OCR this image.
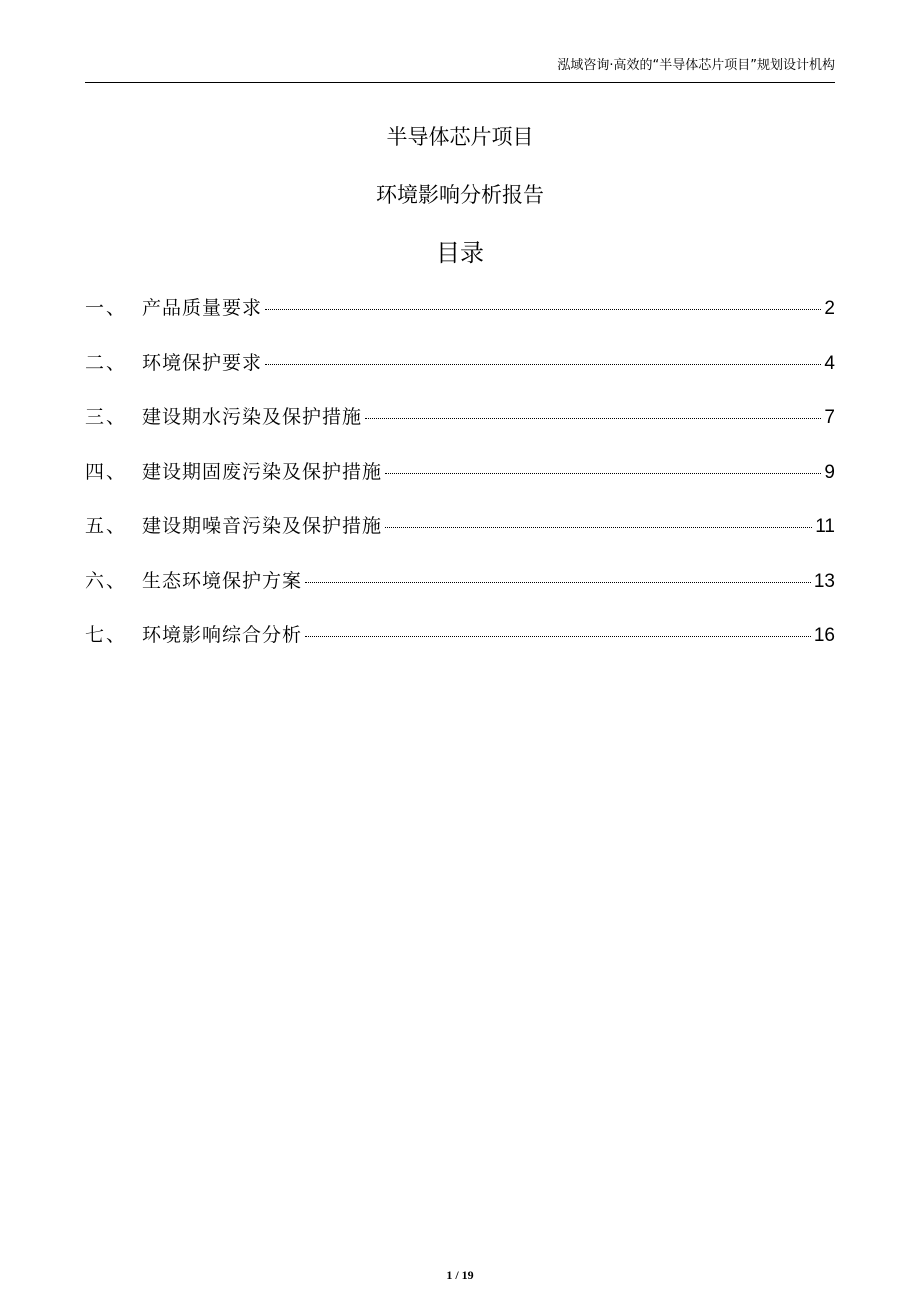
泓域咨询·高效的“半导体芯片项目”规划设计机构
半导体芯片项目
环境影响分析报告
目录
一、 产品质量要求	2
二、 环境保护要求	4
三、 建设期水污染及保护措施	7
四、 建设期固废污染及保护措施	9
五、 建设期噪音污染及保护措施	11
六、 生态环境保护方案	13
七、 环境影响综合分析	16
1 / 19
